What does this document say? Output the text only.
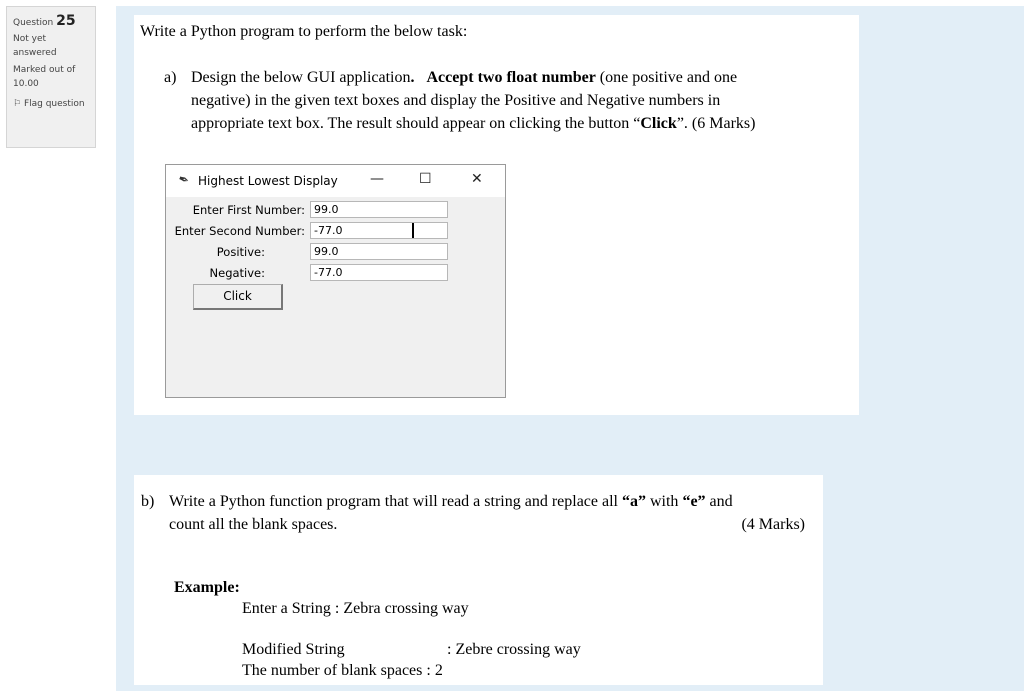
Question 25
Not yet answered
Marked out of
10.00
⚐ Flag question
Write a Python program to perform the below task:
a) Design the below GUI application. Accept two float number (one positive and one
negative) in the given text boxes and display the Positive and Negative numbers in
appropriate text box. The result should appear on clicking the button “Click”. (6 Marks)
✒ Highest Lowest Display —	☐	✕
Enter First Number: 99.0
Enter Second Number: -77.0
Positive:	99.0
Negative:	-77.0
Click
b) Write a Python function program that will read a string and replace all “a” with “e” and
count all the blank spaces.	(4 Marks)
Example:
Enter a String : Zebra crossing way
Modified String	: Zebre crossing way
The number of blank spaces : 2
